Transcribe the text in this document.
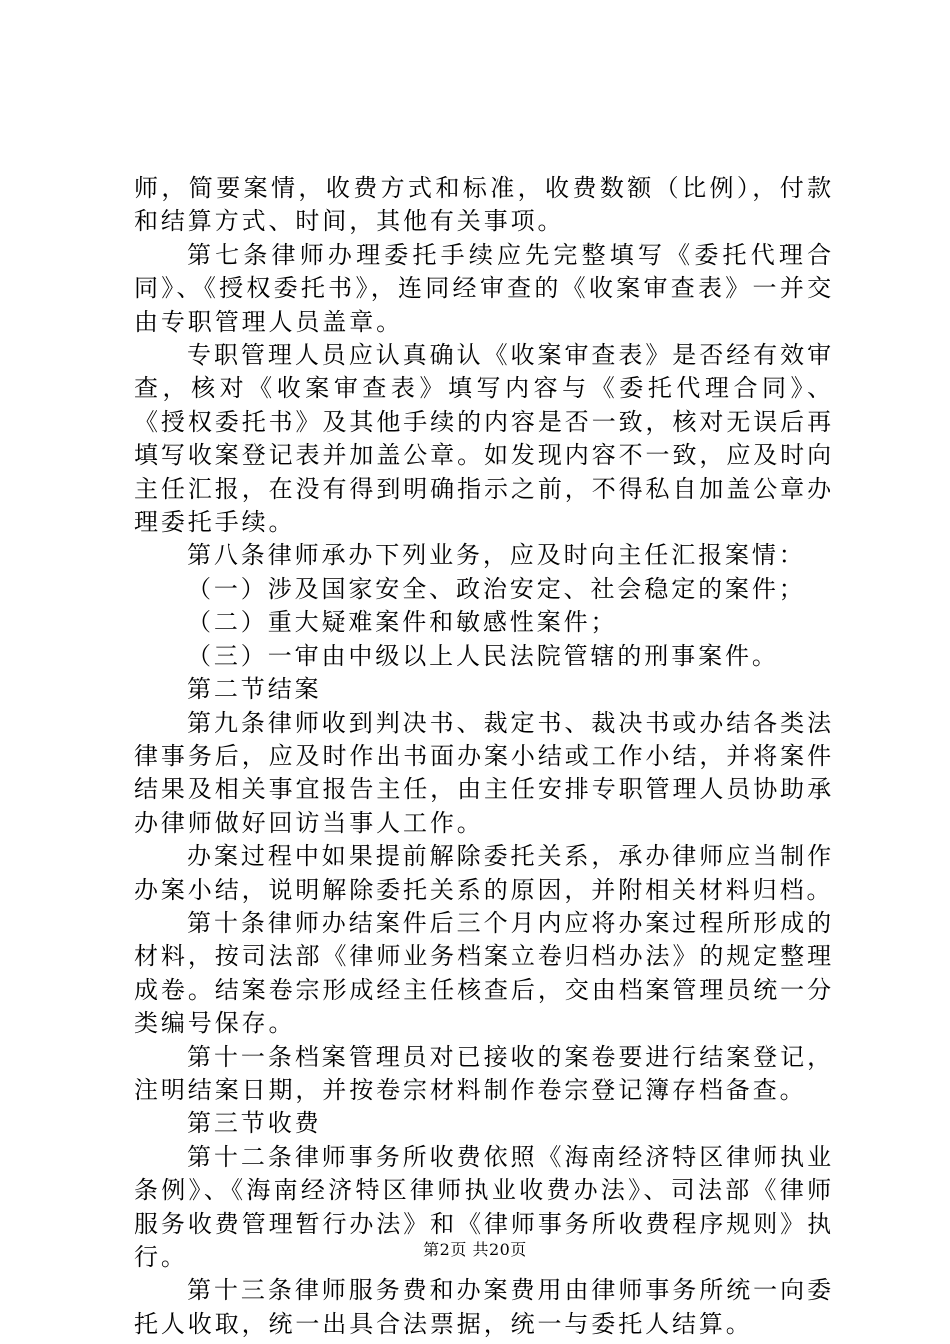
师，简要案情，收费方式和标准，收费数额（比例），付款和结算方式、时间，其他有关事项。

第七条律师办理委托手续应先完整填写《委托代理合同》、《授权委托书》，连同经审查的《收案审查表》一并交由专职管理人员盖章。

专职管理人员应认真确认《收案审查表》是否经有效审查，核对《收案审查表》填写内容与《委托代理合同》、《授权委托书》及其他手续的内容是否一致，核对无误后再填写收案登记表并加盖公章。如发现内容不一致，应及时向主任汇报，在没有得到明确指示之前，不得私自加盖公章办理委托手续。

第八条律师承办下列业务，应及时向主任汇报案情：

（一）涉及国家安全、政治安定、社会稳定的案件；

（二）重大疑难案件和敏感性案件；

（三）一审由中级以上人民法院管辖的刑事案件。

第二节结案

第九条律师收到判决书、裁定书、裁决书或办结各类法律事务后，应及时作出书面办案小结或工作小结，并将案件结果及相关事宜报告主任，由主任安排专职管理人员协助承办律师做好回访当事人工作。

办案过程中如果提前解除委托关系，承办律师应当制作办案小结，说明解除委托关系的原因，并附相关材料归档。

第十条律师办结案件后三个月内应将办案过程所形成的材料，按司法部《律师业务档案立卷归档办法》的规定整理成卷。结案卷宗形成经主任核查后，交由档案管理员统一分类编号保存。

第十一条档案管理员对已接收的案卷要进行结案登记，注明结案日期，并按卷宗材料制作卷宗登记簿存档备查。

第三节收费

第十二条律师事务所收费依照《海南经济特区律师执业条例》、《海南经济特区律师执业收费办法》、司法部《律师服务收费管理暂行办法》和《律师事务所收费程序规则》执行。

第十三条律师服务费和办案费用由律师事务所统一向委托人收取，统一出具合法票据，统一与委托人结算。

第2页 共20页
